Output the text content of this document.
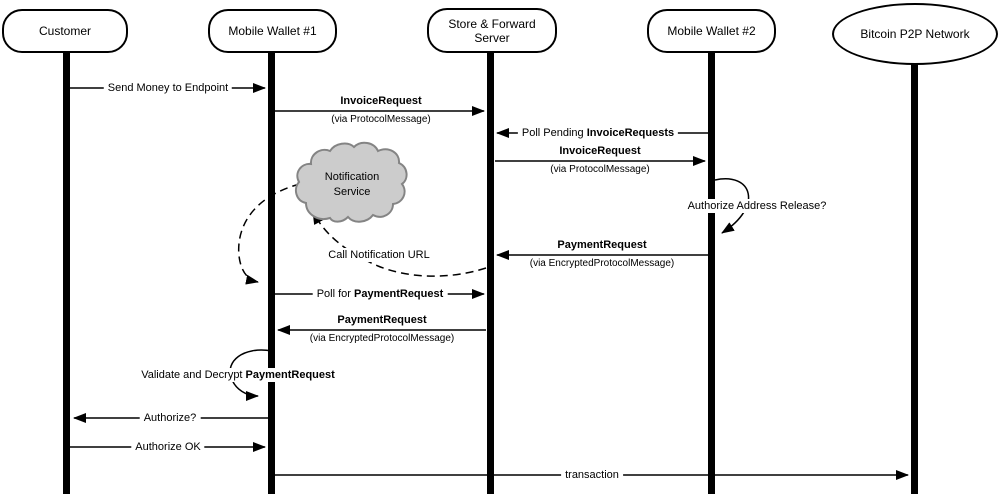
Customer	Mobile Wallet #1
Store & Forward Server	Mobile Wallet #2	Bitcoin P2P Network
Notification
Service
Send Money to Endpoint
InvoiceRequest
(via ProtocolMessage)
Poll Pending InvoiceRequests
InvoiceRequest
(via ProtocolMessage)
Authorize Address Release?
PaymentRequest
(via EncryptedProtocolMessage)
Call Notification URL
Poll for PaymentRequest
PaymentRequest
(via EncryptedProtocolMessage)
Validate and Decrypt PaymentRequest
Authorize?
Authorize OK
transaction
